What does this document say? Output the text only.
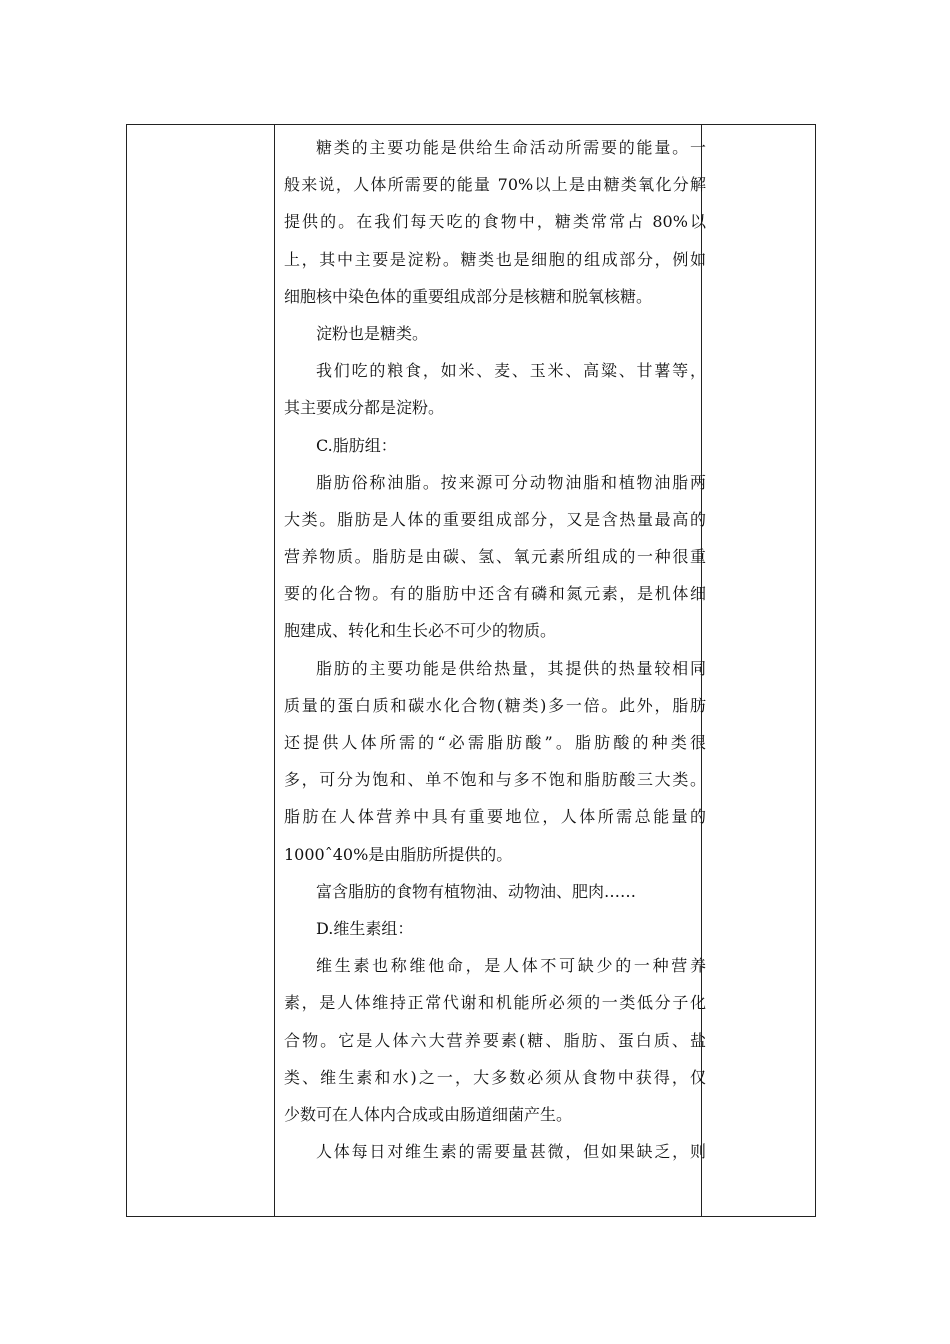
糖类的主要功能是供给生命活动所需要的能量。一
般来说，人体所需要的能量 70%以上是由糖类氧化分解
提供的。在我们每天吃的食物中，糖类常常占 80%以
上，其中主要是淀粉。糖类也是细胞的组成部分，例如
细胞核中染色体的重要组成部分是核糖和脱氧核糖。
淀粉也是糖类。
我们吃的粮食，如米、麦、玉米、高粱、甘薯等，
其主要成分都是淀粉。
C.脂肪组：
脂肪俗称油脂。按来源可分动物油脂和植物油脂两
大类。脂肪是人体的重要组成部分，又是含热量最高的
营养物质。脂肪是由碳、氢、氧元素所组成的一种很重
要的化合物。有的脂肪中还含有磷和氮元素，是机体细
胞建成、转化和生长必不可少的物质。
脂肪的主要功能是供给热量，其提供的热量较相同
质量的蛋白质和碳水化合物(糖类)多一倍。此外，脂肪
还提供人体所需的“必需脂肪酸”。脂肪酸的种类很
多，可分为饱和、单不饱和与多不饱和脂肪酸三大类。
脂肪在人体营养中具有重要地位，人体所需总能量的
1000ˆ40%是由脂肪所提供的。
富含脂肪的食物有植物油、动物油、肥肉……
D.维生素组：
维生素也称维他命，是人体不可缺少的一种营养
素，是人体维持正常代谢和机能所必须的一类低分子化
合物。它是人体六大营养要素(糖、脂肪、蛋白质、盐
类、维生素和水)之一，大多数必须从食物中获得，仅
少数可在人体内合成或由肠道细菌产生。
人体每日对维生素的需要量甚微，但如果缺乏，则
